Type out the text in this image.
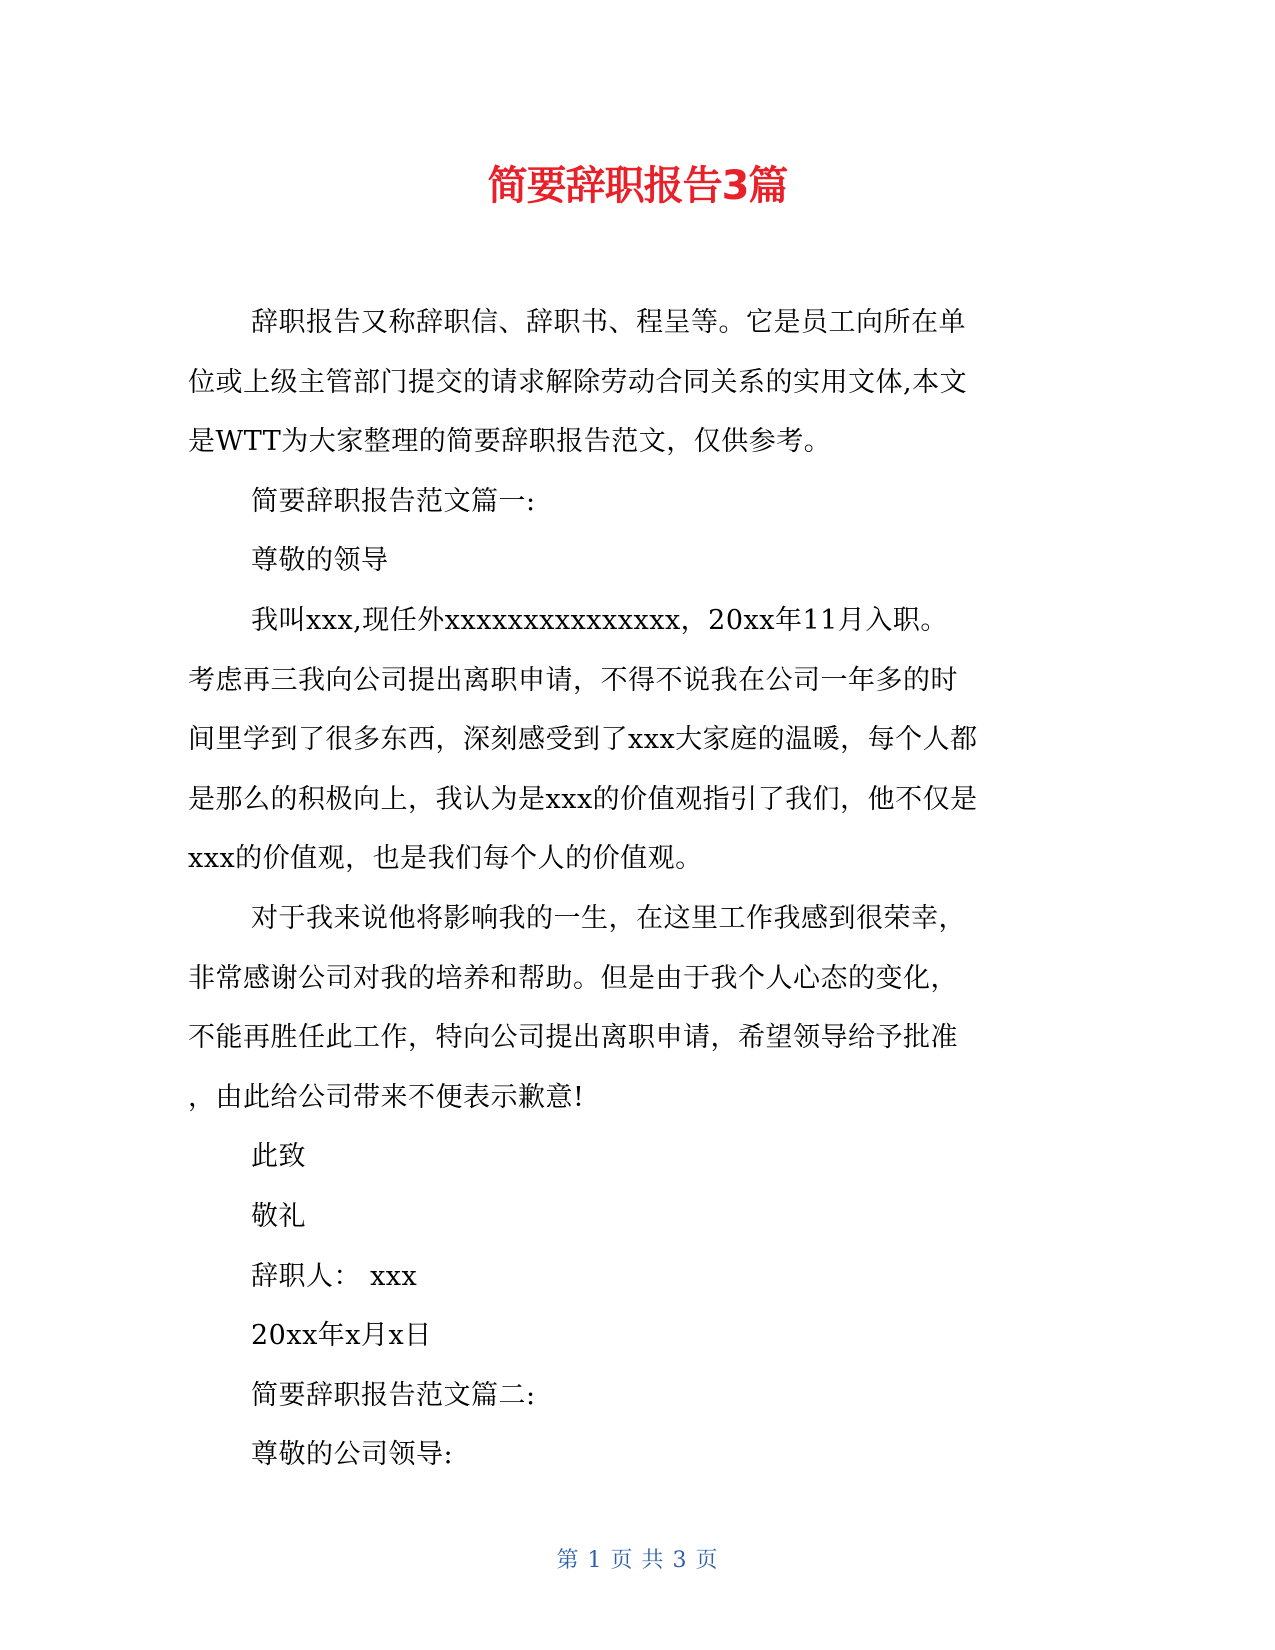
简要辞职报告3篇
辞职报告又称辞职信、辞职书、程呈等。它是员工向所在单
位或上级主管部门提交的请求解除劳动合同关系的实用文体,本文
是WTT为大家整理的简要辞职报告范文，仅供参考。
简要辞职报告范文篇一:
尊敬的领导
我叫xxx,现任外xxxxxxxxxxxxxxx，20xx年11月入职。
考虑再三我向公司提出离职申请，不得不说我在公司一年多的时
间里学到了很多东西，深刻感受到了xxx大家庭的温暖，每个人都
是那么的积极向上，我认为是xxx的价值观指引了我们，他不仅是
xxx的价值观，也是我们每个人的价值观。
对于我来说他将影响我的一生，在这里工作我感到很荣幸，
非常感谢公司对我的培养和帮助。但是由于我个人心态的变化，
不能再胜任此工作，特向公司提出离职申请，希望领导给予批准
，由此给公司带来不便表示歉意!
此致
敬礼
辞职人： xxx
20xx年x月x日
简要辞职报告范文篇二:
尊敬的公司领导:
第 1 页 共 3 页
